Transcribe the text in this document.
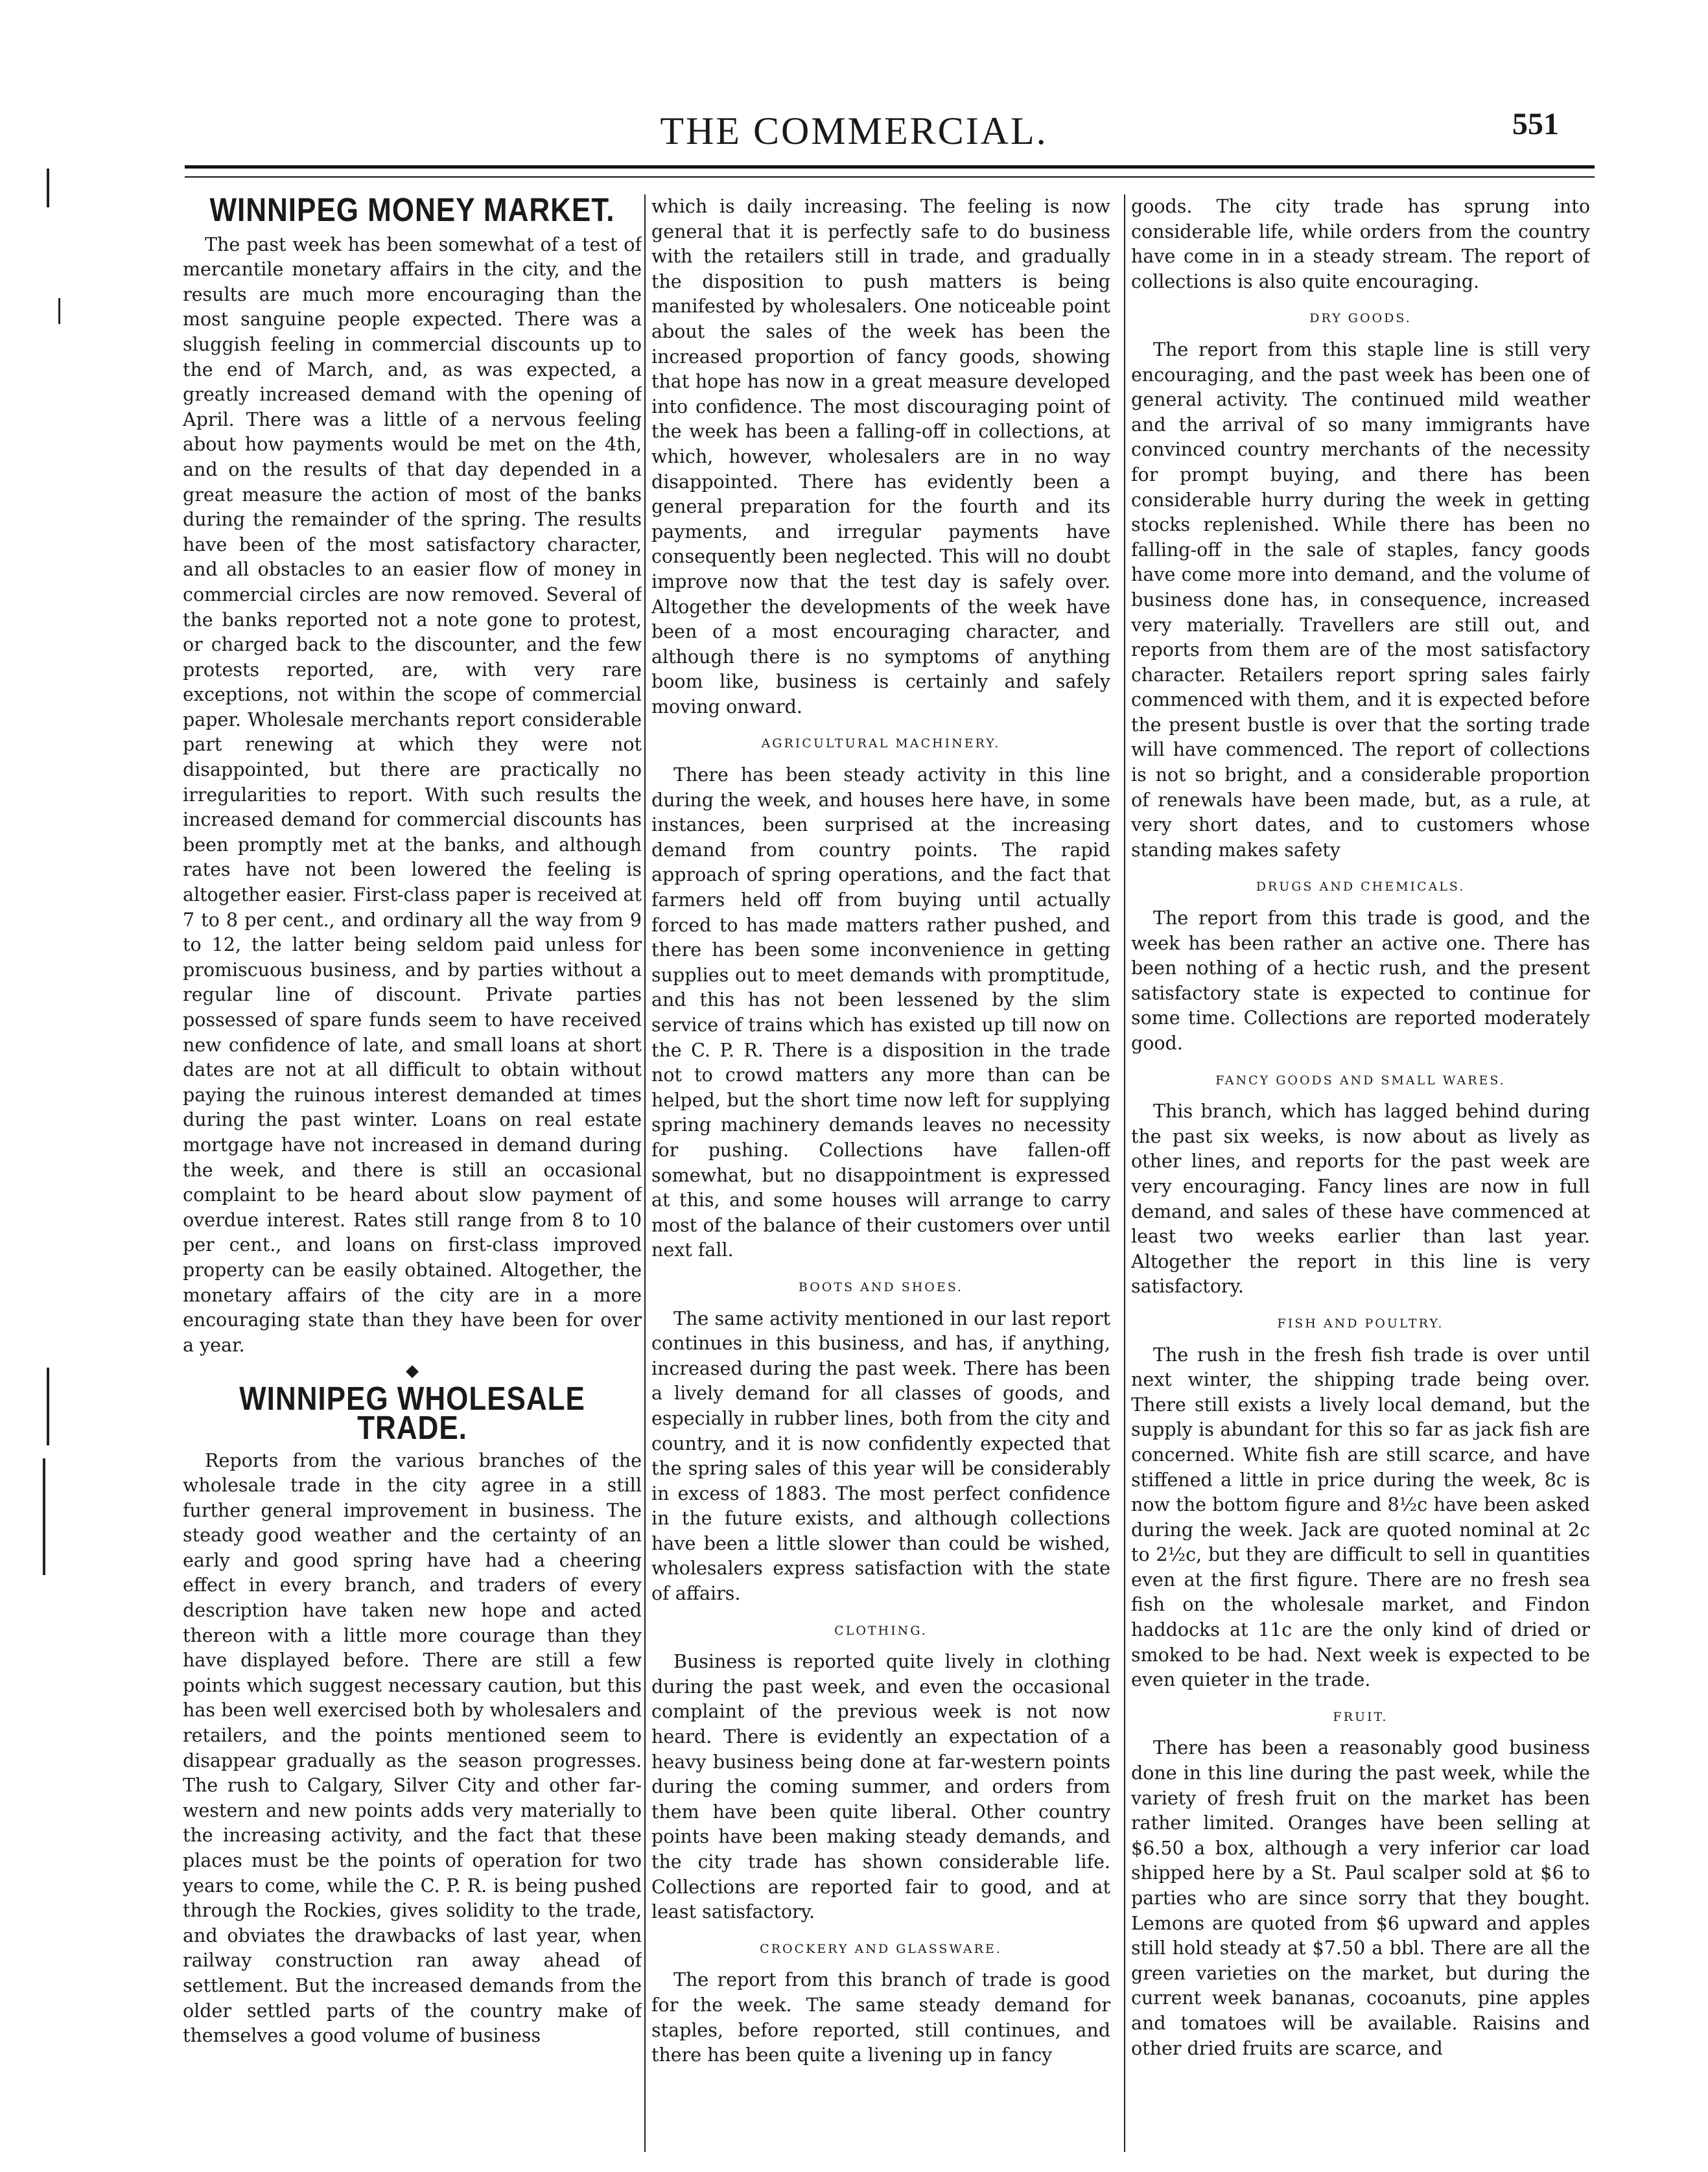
THE COMMERCIAL.	551
WINNIPEG MONEY MARKET.

The past week has been somewhat of a test of mercantile monetary affairs in the city, and the results are much more encouraging than the most sanguine people expected. There was a sluggish feeling in commercial discounts up to the end of March, and, as was expected, a greatly increased demand with the opening of April. There was a little of a nervous feeling about how payments would be met on the 4th, and on the results of that day depended in a great measure the action of most of the banks during the remainder of the spring. The results have been of the most satisfactory character, and all obstacles to an easier flow of money in commercial circles are now removed. Several of the banks reported not a note gone to protest, or charged back to the discounter, and the few protests reported, are, with very rare exceptions, not within the scope of commercial paper. Wholesale merchants report considerable part renewing at which they were not disappointed, but there are practically no irregularities to report. With such results the increased demand for commercial discounts has been promptly met at the banks, and although rates have not been lowered the feeling is altogether easier. First-class paper is received at 7 to 8 per cent., and ordinary all the way from 9 to 12, the latter being seldom paid unless for promiscuous business, and by parties without a regular line of discount. Private parties possessed of spare funds seem to have received new confidence of late, and small loans at short dates are not at all difficult to obtain without paying the ruinous interest demanded at times during the past winter. Loans on real estate mortgage have not increased in demand during the week, and there is still an occasional complaint to be heard about slow payment of overdue interest. Rates still range from 8 to 10 per cent., and loans on first-class improved property can be easily obtained. Altogether, the monetary affairs of the city are in a more encouraging state than they have been for over a year.

◆
WINNIPEG WHOLESALE TRADE.

Reports from the various branches of the wholesale trade in the city agree in a still further general improvement in business. The steady good weather and the certainty of an early and good spring have had a cheering effect in every branch, and traders of every description have taken new hope and acted thereon with a little more courage than they have displayed before. There are still a few points which suggest necessary caution, but this has been well exercised both by wholesalers and retailers, and the points mentioned seem to disappear gradually as the season progresses. The rush to Calgary, Silver City and other far-western and new points adds very materially to the increasing activity, and the fact that these places must be the points of operation for two years to come, while the C. P. R. is being pushed through the Rockies, gives solidity to the trade, and obviates the drawbacks of last year, when railway construction ran away ahead of settlement. But the increased demands from the older settled parts of the country make of themselves a good volume of business

which is daily increasing. The feeling is now general that it is perfectly safe to do business with the retailers still in trade, and gradually the disposition to push matters is being manifested by wholesalers. One noticeable point about the sales of the week has been the increased proportion of fancy goods, showing that hope has now in a great measure developed into confidence. The most discouraging point of the week has been a falling-off in collections, at which, however, wholesalers are in no way disappointed. There has evidently been a general preparation for the fourth and its payments, and irregular payments have consequently been neglected. This will no doubt improve now that the test day is safely over. Altogether the developments of the week have been of a most encouraging character, and although there is no symptoms of anything boom like, business is certainly and safely moving onward.

AGRICULTURAL MACHINERY.

There has been steady activity in this line during the week, and houses here have, in some instances, been surprised at the increasing demand from country points. The rapid approach of spring operations, and the fact that farmers held off from buying until actually forced to has made matters rather pushed, and there has been some inconvenience in getting supplies out to meet demands with promptitude, and this has not been lessened by the slim service of trains which has existed up till now on the C. P. R. There is a disposition in the trade not to crowd matters any more than can be helped, but the short time now left for supplying spring machinery demands leaves no necessity for pushing. Collections have fallen-off somewhat, but no disappointment is expressed at this, and some houses will arrange to carry most of the balance of their customers over until next fall.

BOOTS AND SHOES.

The same activity mentioned in our last report continues in this business, and has, if anything, increased during the past week. There has been a lively demand for all classes of goods, and especially in rubber lines, both from the city and country, and it is now confidently expected that the spring sales of this year will be considerably in excess of 1883. The most perfect confidence in the future exists, and although collections have been a little slower than could be wished, wholesalers express satisfaction with the state of affairs.

CLOTHING.

Business is reported quite lively in clothing during the past week, and even the occasional complaint of the previous week is not now heard. There is evidently an expectation of a heavy business being done at far-western points during the coming summer, and orders from them have been quite liberal. Other country points have been making steady demands, and the city trade has shown considerable life. Collections are reported fair to good, and at least satisfactory.

CROCKERY AND GLASSWARE.

The report from this branch of trade is good for the week. The same steady demand for staples, before reported, still continues, and there has been quite a livening up in fancy

goods. The city trade has sprung into considerable life, while orders from the country have come in in a steady stream. The report of collections is also quite encouraging.

DRY GOODS.

The report from this staple line is still very encouraging, and the past week has been one of general activity. The continued mild weather and the arrival of so many immigrants have convinced country merchants of the necessity for prompt buying, and there has been considerable hurry during the week in getting stocks replenished. While there has been no falling-off in the sale of staples, fancy goods have come more into demand, and the volume of business done has, in consequence, increased very materially. Travellers are still out, and reports from them are of the most satisfactory character. Retailers report spring sales fairly commenced with them, and it is expected before the present bustle is over that the sorting trade will have commenced. The report of collections is not so bright, and a considerable proportion of renewals have been made, but, as a rule, at very short dates, and to customers whose standing makes safety

DRUGS AND CHEMICALS.

The report from this trade is good, and the week has been rather an active one. There has been nothing of a hectic rush, and the present satisfactory state is expected to continue for some time. Collections are reported moderately good.

FANCY GOODS AND SMALL WARES.

This branch, which has lagged behind during the past six weeks, is now about as lively as other lines, and reports for the past week are very encouraging. Fancy lines are now in full demand, and sales of these have commenced at least two weeks earlier than last year. Altogether the report in this line is very satisfactory.

FISH AND POULTRY.

The rush in the fresh fish trade is over until next winter, the shipping trade being over. There still exists a lively local demand, but the supply is abundant for this so far as jack fish are concerned. White fish are still scarce, and have stiffened a little in price during the week, 8c is now the bottom figure and 8½c have been asked during the week. Jack are quoted nominal at 2c to 2½c, but they are difficult to sell in quantities even at the first figure. There are no fresh sea fish on the wholesale market, and Findon haddocks at 11c are the only kind of dried or smoked to be had. Next week is expected to be even quieter in the trade.

FRUIT.

There has been a reasonably good business done in this line during the past week, while the variety of fresh fruit on the market has been rather limited. Oranges have been selling at $6.50 a box, although a very inferior car load shipped here by a St. Paul scalper sold at $6 to parties who are since sorry that they bought. Lemons are quoted from $6 upward and apples still hold steady at $7.50 a bbl. There are all the green varieties on the market, but during the current week bananas, cocoanuts, pine apples and tomatoes will be available. Raisins and other dried fruits are scarce, and
